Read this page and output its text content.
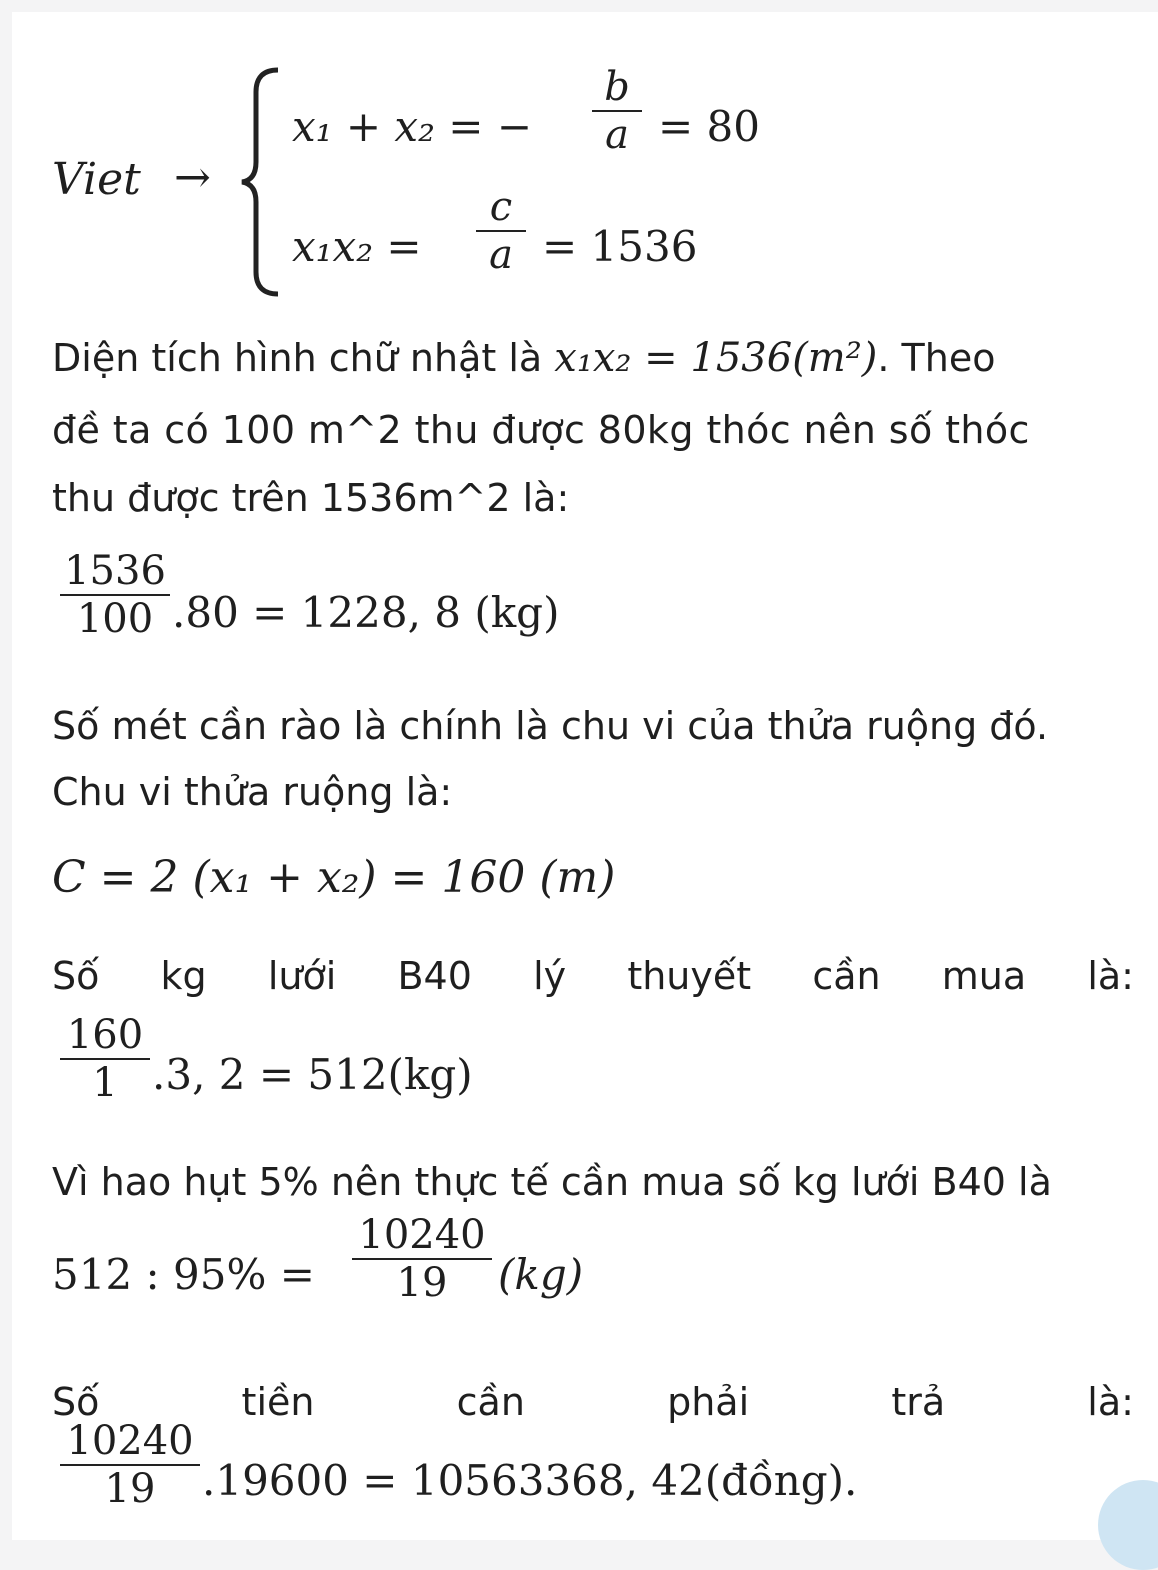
Viet →
x₁ + x₂ = −
b
a = 80
x₁x₂ =
c
a = 1536
Diện tích hình chữ nhật là x₁x₂ = 1536(m²). Theo
đề ta có 100 m^2 thu được 80kg thóc nên số thóc
thu được trên 1536m^2 là:
1536
100 .80 = 1228, 8 (kg)
Số mét cần rào là chính là chu vi của thửa ruộng đó.
Chu vi thửa ruộng là:
C = 2 (x₁ + x₂) = 160 (m)
Số kg lưới B40 lý thuyết cần mua là:
160
1 .3, 2 = 512(kg)
Vì hao hụt 5% nên thực tế cần mua số kg lưới B40 là
512 : 95% =
10240
19	(kg)
Số	tiền	cần	phải	trả	là:
10240
19	.19600 = 10563368, 42(đồng).
